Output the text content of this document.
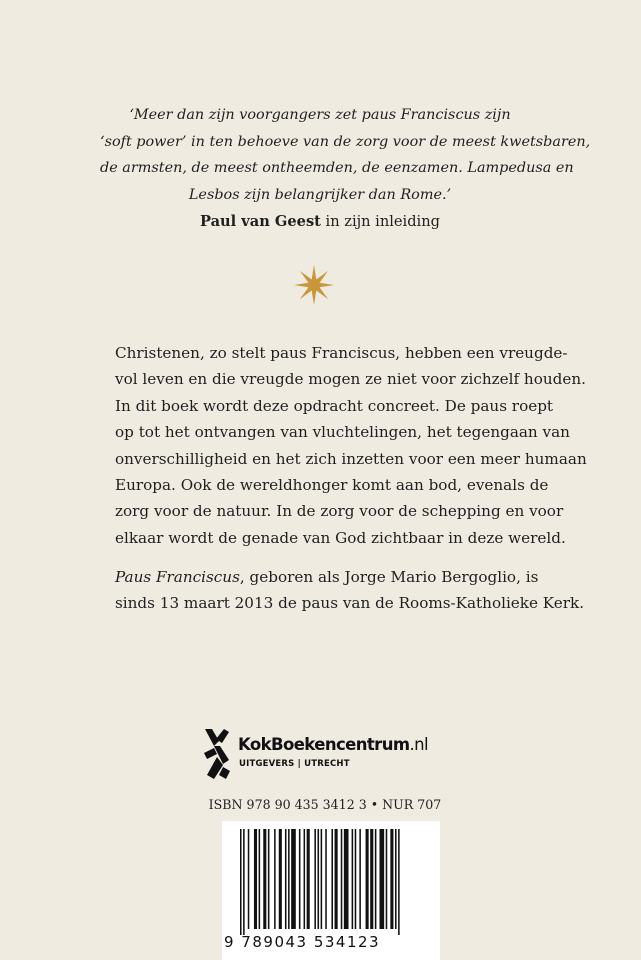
‘Meer dan zijn voorgangers zet paus Franciscus zijn
‘soft power’ in ten behoeve van de zorg voor de meest kwetsbaren,
de armsten, de meest ontheemden, de eenzamen. Lampedusa en
Lesbos zijn belangrijker dan Rome.’
Paul van Geest in zijn inleiding
Christenen, zo stelt paus Franciscus, hebben een vreugde-
vol leven en die vreugde mogen ze niet voor zichzelf houden.
In dit boek wordt deze opdracht concreet. De paus roept
op tot het ontvangen van vluchtelingen, het tegengaan van
onverschilligheid en het zich inzetten voor een meer humaan
Europa. Ook de wereldhonger komt aan bod, evenals de
zorg voor de natuur. In de zorg voor de schepping en voor
elkaar wordt de genade van God zichtbaar in deze wereld.
Paus Franciscus, geboren als Jorge Mario Bergoglio, is
sinds 13 maart 2013 de paus van de Rooms-Katholieke Kerk.
KokBoekencentrum.nl
UITGEVERS | UTRECHT
ISBN 978 90 435 3412 3 • NUR 707
9 789043 534123
